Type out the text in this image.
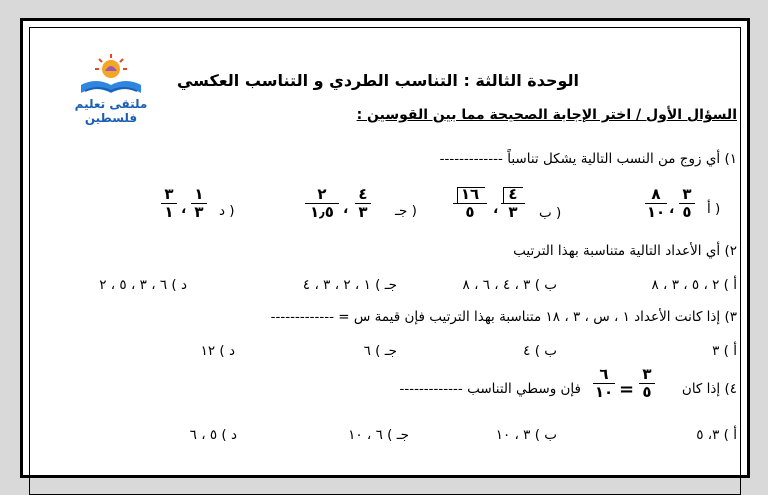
ملتقى تعليم فلسطين
الوحدة الثالثة : التناسب الطردي و التناسب العكسي
السؤال الأول / اختر الإجابة الصحيحة مما بين القوسين :
١) أي زوج من النسب التالية يشكل تناسباً -------------
أ )
٣
٥
،
٨
١٠
ب )
٤
٣
،
١٦
٥
جـ )
٤
٣
،
٢
١٫٥
د )
١
٣
،
٣
١
٢) أي الأعداد التالية متناسبة بهذا الترتيب
أ ) ٢ ، ٥ ، ٣ ، ٨
ب ) ٣ ، ٤ ، ٦ ، ٨
جـ ) ١ ، ٢ ، ٣ ، ٤
د ) ٦ ، ٣ ، ٥ ، ٢
٣) إذا كانت الأعداد ١ ، س ، ٣ ، ١٨ متناسبة بهذا الترتيب فإن قيمة س = -------------
أ ) ٣
ب ) ٤
جـ ) ٦
د ) ١٢
٤) إذا كان
٣
٥
=
٦
١٠
فإن وسطي التناسب -------------
أ ) ٣، ٥
ب ) ٣ ، ١٠
جـ ) ٦ ، ١٠
د ) ٥ ، ٦
